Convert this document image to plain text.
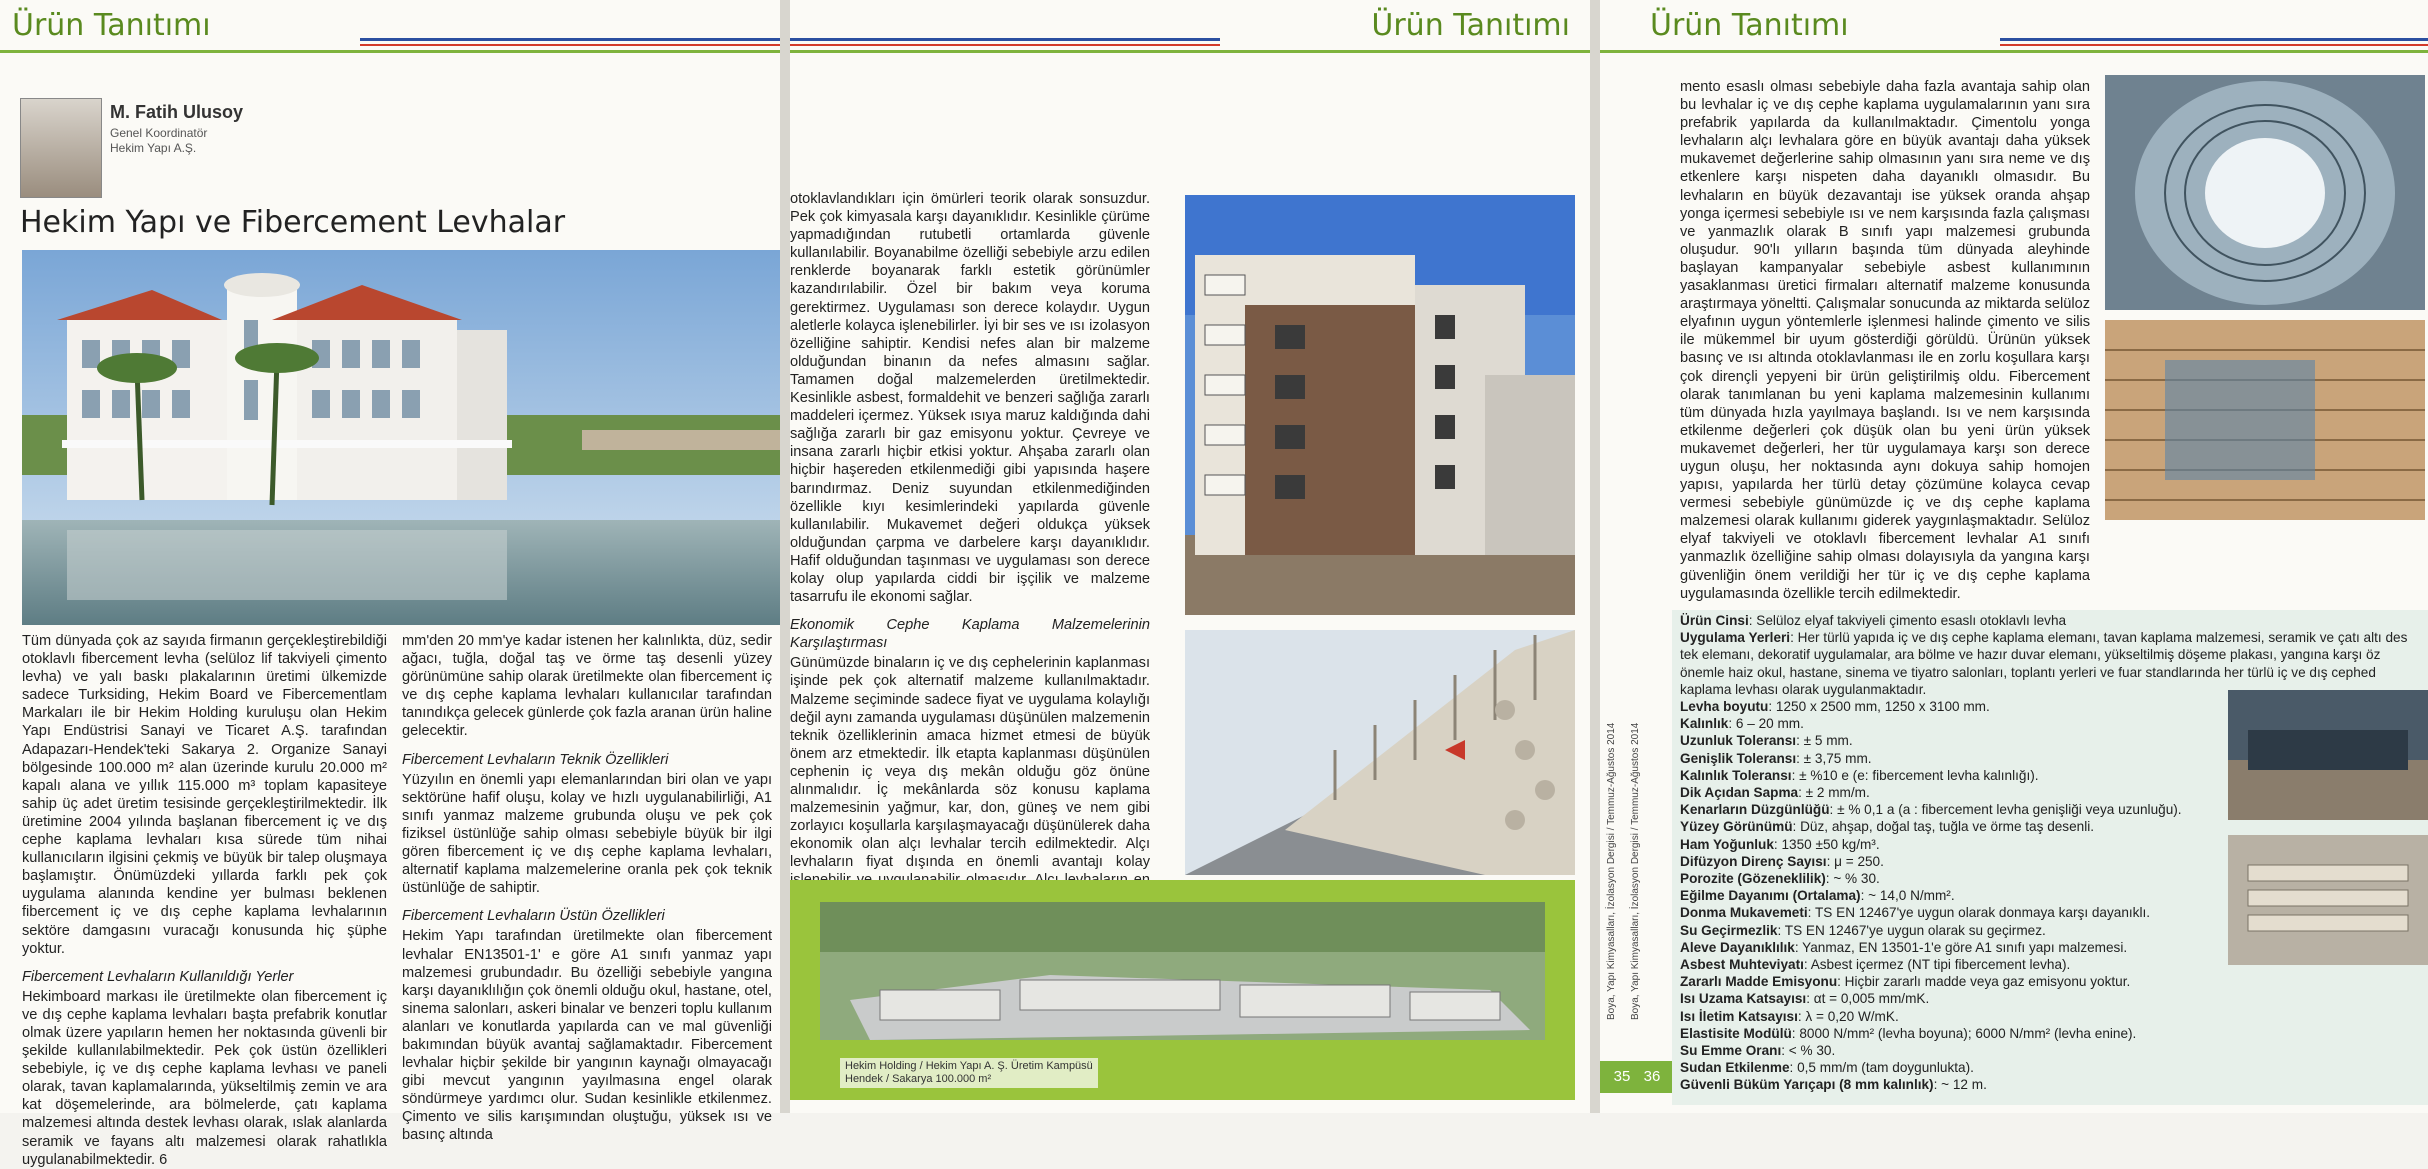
Ürün Tanıtımı
M. Fatih Ulusoy
Genel Koordinatör
Hekim Yapı A.Ş.
Hekim Yapı ve Fibercement Levhalar

Tüm dünyada çok az sayıda firmanın gerçekleştirebildiği otoklavlı fibercement levha (selüloz lif takviyeli çimento levha) ve yalı baskı plakalarının üretimi ülkemizde sadece Turksiding, Hekim Board ve Fibercementlam Markaları ile bir Hekim Holding kuruluşu olan Hekim Yapı Endüstrisi Sanayi ve Ticaret A.Ş. tarafından Adapazarı-Hendek'teki Sakarya 2. Organize Sanayi bölgesinde 100.000 m² alan üzerinde kurulu 20.000 m² kapalı alana ve yıllık 115.000 m³ toplam kapasiteye sahip üç adet üretim tesisinde gerçekleştirilmektedir. İlk üretimine 2004 yılında başlanan fibercement iç ve dış cephe kaplama levhaları kısa sürede tüm nihai kullanıcıların ilgisini çekmiş ve büyük bir talep oluşmaya başlamıştır. Önümüzdeki yıllarda farklı pek çok uygulama alanında kendine yer bulması beklenen fibercement iç ve dış cephe kaplama levhalarının sektöre damgasını vuracağı konusunda hiç şüphe yoktur.

Fibercement Levhaların Kullanıldığı Yerler

Hekimboard markası ile üretilmekte olan fibercement iç ve dış cephe kaplama levhaları başta prefabrik konutlar olmak üzere yapıların hemen her noktasında güvenli bir şekilde kullanılabilmektedir. Pek çok üstün özellikleri sebebiyle, iç ve dış cephe kaplama levhası ve paneli olarak, tavan kaplamalarında, yükseltilmiş zemin ve ara kat döşemelerinde, ara bölmelerde, çatı kaplama malzemesi altında destek levhası olarak, ıslak alanlarda seramik ve fayans altı malzemesi olarak rahatlıkla uygulanabilmektedir. 6

mm'den 20 mm'ye kadar istenen her kalınlıkta, düz, sedir ağacı, tuğla, doğal taş ve örme taş desenli yüzey görünümüne sahip olarak üretilmekte olan fibercement iç ve dış cephe kaplama levhaları kullanıcılar tarafından tanındıkça gelecek günlerde çok fazla aranan ürün haline gelecektir.

Fibercement Levhaların Teknik Özellikleri

Yüzyılın en önemli yapı elemanlarından biri olan ve yapı sektörüne hafif oluşu, kolay ve hızlı uygulanabilirliği, A1 sınıfı yanmaz malzeme grubunda oluşu ve pek çok fiziksel üstünlüğe sahip olması sebebiyle büyük bir ilgi gören fibercement iç ve dış cephe kaplama levhaları, alternatif kaplama malzemelerine oranla pek çok teknik üstünlüğe de sahiptir.

Fibercement Levhaların Üstün Özellikleri

Hekim Yapı tarafından üretilmekte olan fibercement levhalar EN13501-1' e göre A1 sınıfı yanmaz yapı malzemesi grubundadır. Bu özelliği sebebiyle yangına karşı dayanıklılığın çok önemli olduğu okul, hastane, otel, sinema salonları, askeri binalar ve benzeri toplu kullanım alanları ve konutlarda yapılarda can ve mal güvenliği bakımından büyük avantaj sağlamaktadır. Fibercement levhalar hiçbir şekilde bir yangının kaynağı olmayacağı gibi mevcut yangının yayılmasına engel olarak söndürmeye yardımcı olur. Sudan kesinlikle etkilenmez. Çimento ve silis karışımından oluştuğu, yüksek ısı ve basınç altında

Ürün Tanıtımı

otoklavlandıkları için ömürleri teorik olarak sonsuzdur. Pek çok kimyasala karşı dayanıklıdır. Kesinlikle çürüme yapmadığından rutubetli ortamlarda güvenle kullanılabilir. Boyanabilme özelliği sebebiyle arzu edilen renklerde boyanarak farklı estetik görünümler kazandırılabilir. Özel bir bakım veya koruma gerektirmez. Uygulaması son derece kolaydır. Uygun aletlerle kolayca işlenebilirler. İyi bir ses ve ısı izolasyon özelliğine sahiptir. Kendisi nefes alan bir malzeme olduğundan binanın da nefes almasını sağlar. Tamamen doğal malzemelerden üretilmektedir. Kesinlikle asbest, formaldehit ve benzeri sağlığa zararlı maddeleri içermez. Yüksek ısıya maruz kaldığında dahi sağlığa zararlı bir gaz emisyonu yoktur. Çevreye ve insana zararlı hiçbir etkisi yoktur. Ahşaba zararlı olan hiçbir haşereden etkilenmediği gibi yapısında haşere barındırmaz. Deniz suyundan etkilenmediğinden özellikle kıyı kesimlerindeki yapılarda güvenle kullanılabilir. Mukavemet değeri oldukça yüksek olduğundan çarpma ve darbelere karşı dayanıklıdır. Hafif olduğundan taşınması ve uygulaması son derece kolay olup yapılarda ciddi bir işçilik ve malzeme tasarrufu ile ekonomi sağlar.

Ekonomik Cephe Kaplama Malzemelerinin Karşılaştırması

Günümüzde binaların iç ve dış cephelerinin kaplanması işinde pek çok alternatif malzeme kullanılmaktadır. Malzeme seçiminde sadece fiyat ve uygulama kolaylığı değil aynı zamanda uygulaması düşünülen malzemenin teknik özelliklerinin amaca hizmet etmesi de büyük önem arz etmektedir. İlk etapta kaplanması düşünülen cephenin iç veya dış mekân olduğu göz önüne alınmalıdır. İç mekânlarda söz konusu kaplama malzemesinin yağmur, kar, don, güneş ve nem gibi zorlayıcı koşullarla karşılaşmayacağı düşünülerek daha ekonomik olan alçı levhalar tercih edilmektedir. Alçı levhaların fiyat dışında en önemli avantajı kolay

Hekim Holding / Hekim Yapı A. Ş. Üretim Kampüsü
Hendek / Sakarya 100.000 m²
Ürün Tanıtımı
Boya, Yapı Kimyasalları, İzolasyon Dergisi / Temmuz-Ağustos 2014 Boya, Yapı Kimyasalları, İzolasyon Dergisi / Temmuz-Ağustos 2014
35 36

mento esaslı olması sebebiyle daha fazla avantaja sahip olan bu levhalar iç ve dış cephe kaplama uygulamalarının yanı sıra prefabrik yapılarda da kullanılmaktadır. Çimentolu yonga levhaların alçı levhalara göre en büyük avantajı daha yüksek mukavemet değerlerine sahip olmasının yanı sıra neme ve dış etkenlere karşı nispeten daha dayanıklı olmasıdır. Bu levhaların en büyük dezavantajı ise yüksek oranda ahşap yonga içermesi sebebiyle ısı ve nem karşısında fazla çalışması ve yanmazlık olarak B sınıfı yapı malzemesi grubunda oluşudur. 90'lı yılların başında tüm dünyada aleyhinde başlayan kampanyalar sebebiyle asbest kullanımının yasaklanması üretici firmaları alternatif malzeme konusunda araştırmaya yöneltti. Çalışmalar sonucunda az miktarda selüloz elyafının uygun yöntemlerle işlenmesi halinde çimento ve silis ile mükemmel bir uyum gösterdiği görüldü. Ürünün yüksek basınç ve ısı altında otoklavlanması ile en zorlu koşullara karşı çok dirençli yepyeni bir ürün geliştirilmiş oldu. Fibercement olarak tanımlanan bu yeni kaplama malzemesinin kullanımı tüm dünyada hızla yayılmaya başlandı. Isı ve nem karşısında etkilenme değerleri çok düşük olan bu yeni ürün yüksek mukavemet değerleri, her tür uygulamaya karşı son derece uygun oluşu, her noktasında aynı dokuya sahip homojen yapısı, yapılarda her türlü detay çözümüne kolayca cevap vermesi sebebiyle günümüzde iç ve dış cephe kaplama malzemesi olarak kullanımı giderek yaygınlaşmaktadır. Selüloz elyaf takviyeli ve otoklavlı fibercement levhalar A1 sınıfı yanmazlık özelliğine sahip olması dolayısıyla da yangına karşı güvenliğin önem verildiği her tür iç ve dış cephe kaplama uygulamasında özellikle tercih edilmektedir.

Ürün Cinsi: Selüloz elyaf takviyeli çimento esaslı otoklavlı levha
Uygulama Yerleri: Her türlü yapıda iç ve dış cephe kaplama elemanı, tavan kaplama malzemesi, seramik ve çatı altı des
tek elemanı, dekoratif uygulamalar, ara bölme ve hazır duvar elemanı, yükseltilmiş döşeme plakası, yangına karşı öz
önemle haiz okul, hastane, sinema ve tiyatro salonları, toplantı yerleri ve fuar standlarında her türlü iç ve dış cephed
kaplama levhası olarak uygulanmaktadır.
Levha boyutu: 1250 x 2500 mm, 1250 x 3100 mm.
Kalınlık: 6 – 20 mm.
Uzunluk Toleransı: ± 5 mm.
Genişlik Toleransı: ± 3,75 mm.
Kalınlık Toleransı: ± %10 e (e: fibercement levha kalınlığı).
Dik Açıdan Sapma: ± 2 mm/m.
Kenarların Düzgünlüğü: ± % 0,1 a (a : fibercement levha genişliği veya uzunluğu).
Yüzey Görünümü: Düz, ahşap, doğal taş, tuğla ve örme taş desenli.
Ham Yoğunluk: 1350 ±50 kg/m³.
Difüzyon Direnç Sayısı: μ = 250.
Porozite (Gözeneklilik): ~ % 30.
Eğilme Dayanımı (Ortalama): ~ 14,0 N/mm².
Donma Mukavemeti: TS EN 12467'ye uygun olarak donmaya karşı dayanıklı.
Su Geçirmezlik: TS EN 12467'ye uygun olarak su geçirmez.
Aleve Dayanıklılık: Yanmaz, EN 13501-1'e göre A1 sınıfı yapı malzemesi.
Asbest Muhteviyatı: Asbest içermez (NT tipi fibercement levha).
Zararlı Madde Emisyonu: Hiçbir zararlı madde veya gaz emisyonu yoktur.
Isı Uzama Katsayısı: αt = 0,005 mm/mK.
Isı İletim Katsayısı: λ = 0,20 W/mK.
Elastisite Modülü: 8000 N/mm² (levha boyuna); 6000 N/mm² (levha enine).
Su Emme Oranı: < % 30.
Sudan Etkilenme: 0,5 mm/m (tam doygunlukta).
Güvenli Büküm Yarıçapı (8 mm kalınlık): ~ 12 m.
